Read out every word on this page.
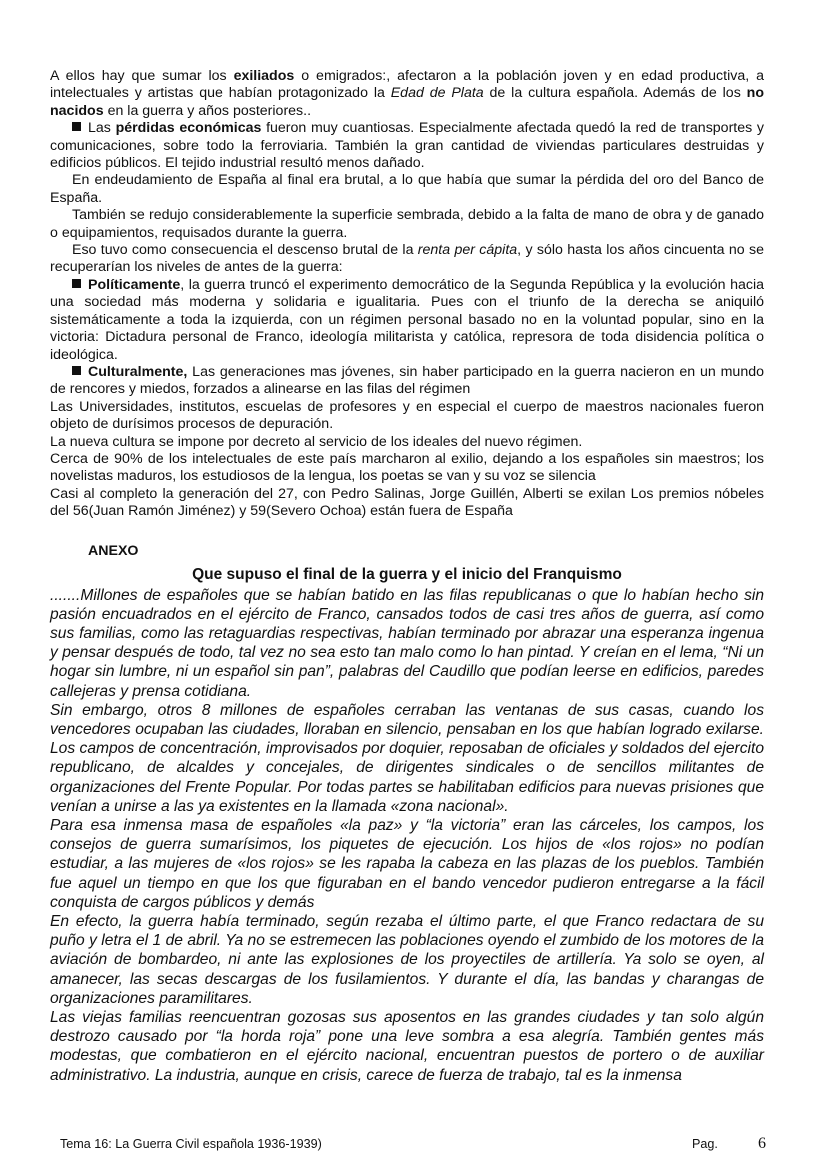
A ellos hay que sumar los exiliados o emigrados:, afectaron a la población joven y en edad productiva, a intelectuales y artistas que habían protagonizado la Edad de Plata de la cultura española. Además de los no nacidos en la guerra y años posteriores..

Las pérdidas económicas fueron muy cuantiosas. Especialmente afectada quedó la red de transportes y comunicaciones, sobre todo la ferroviaria. También la gran cantidad de viviendas particulares destruidas y edificios públicos. El tejido industrial resultó menos dañado.

En endeudamiento de España al final era brutal, a lo que había que sumar la pérdida del oro del Banco de España.

También se redujo considerablemente la superficie sembrada, debido a la falta de mano de obra y de ganado o equipamientos, requisados durante la guerra.

Eso tuvo como consecuencia el descenso brutal de la renta per cápita, y sólo hasta los años cincuenta no se recuperarían los niveles de antes de la guerra:

Políticamente, la guerra truncó el experimento democrático de la Segunda República y la evolución hacia una sociedad más moderna y solidaria e igualitaria. Pues con el triunfo de la derecha se aniquiló sistemáticamente a toda la izquierda, con un régimen personal basado no en la voluntad popular, sino en la victoria: Dictadura personal de Franco, ideología militarista y católica, represora de toda disidencia política o ideológica.

Culturalmente, Las generaciones mas jóvenes, sin haber participado en la guerra nacieron en un mundo de rencores y miedos, forzados a alinearse en las filas del régimen

Las Universidades, institutos, escuelas de profesores y en especial el cuerpo de maestros nacionales fueron objeto de durísimos procesos de depuración.

La nueva cultura se impone por decreto al servicio de los ideales del nuevo régimen.

Cerca de 90% de los intelectuales de este país marcharon al exilio, dejando a los españoles sin maestros; los novelistas maduros, los estudiosos de la lengua, los poetas se van y su voz se silencia

Casi al completo la generación del 27, con Pedro Salinas, Jorge Guillén, Alberti se exilan Los premios nóbeles del 56(Juan Ramón Jiménez) y 59(Severo Ochoa) están fuera de España

ANEXO
Que supuso el final de la guerra y el inicio del Franquismo

.......Millones de españoles que se habían batido en las filas republicanas o que lo habían hecho sin pasión encuadrados en el ejército de Franco, cansados todos de casi tres años de guerra, así como sus familias, como las retaguardias respectivas, habían terminado por abrazar una esperanza ingenua y pensar después de todo, tal vez no sea esto tan malo como lo han pintad. Y creían en el lema, “Ni un hogar sin lumbre, ni un español sin pan”, palabras del Caudillo que podían leerse en edificios, paredes callejeras y prensa cotidiana.

Sin embargo, otros 8 millones de españoles cerraban las ventanas de sus casas, cuando los vencedores ocupaban las ciudades, lloraban en silencio, pensaban en los que habían logrado exilarse. Los campos de concentración, improvisados por doquier, reposaban de oficiales y soldados del ejercito republicano, de alcaldes y concejales, de dirigentes sindicales o de sencillos militantes de organizaciones del Frente Popular. Por todas partes se habilitaban edificios para nuevas prisiones que venían a unirse a las ya existentes en la llamada «zona nacional».

Para esa inmensa masa de españoles «la paz» y “la victoria” eran las cárceles, los campos, los consejos de guerra sumarísimos, los piquetes de ejecución. Los hijos de «los rojos» no podían estudiar, a las mujeres de «los rojos» se les rapaba la cabeza en las plazas de los pueblos. También fue aquel un tiempo en que los que figuraban en el bando vencedor pudieron entregarse a la fácil conquista de cargos públicos y demás

En efecto, la guerra había terminado, según rezaba el último parte, el que Franco redactara de su puño y letra el 1 de abril. Ya no se estremecen las poblaciones oyendo el zumbido de los motores de la aviación de bombardeo, ni ante las explosiones de los proyectiles de artillería. Ya solo se oyen, al amanecer, las secas descargas de los fusilamientos. Y durante el día, las bandas y charangas de organizaciones paramilitares.

Las viejas familias reencuentran gozosas sus aposentos en las grandes ciudades y tan solo algún destrozo causado por “la horda roja” pone una leve sombra a esa alegría. También gentes más modestas, que combatieron en el ejército nacional, encuentran puestos de portero o de auxiliar administrativo. La industria, aunque en crisis, carece de fuerza de trabajo, tal es la inmensa

Tema 16: La Guerra Civil española 1936-1939)	Pag.	6
